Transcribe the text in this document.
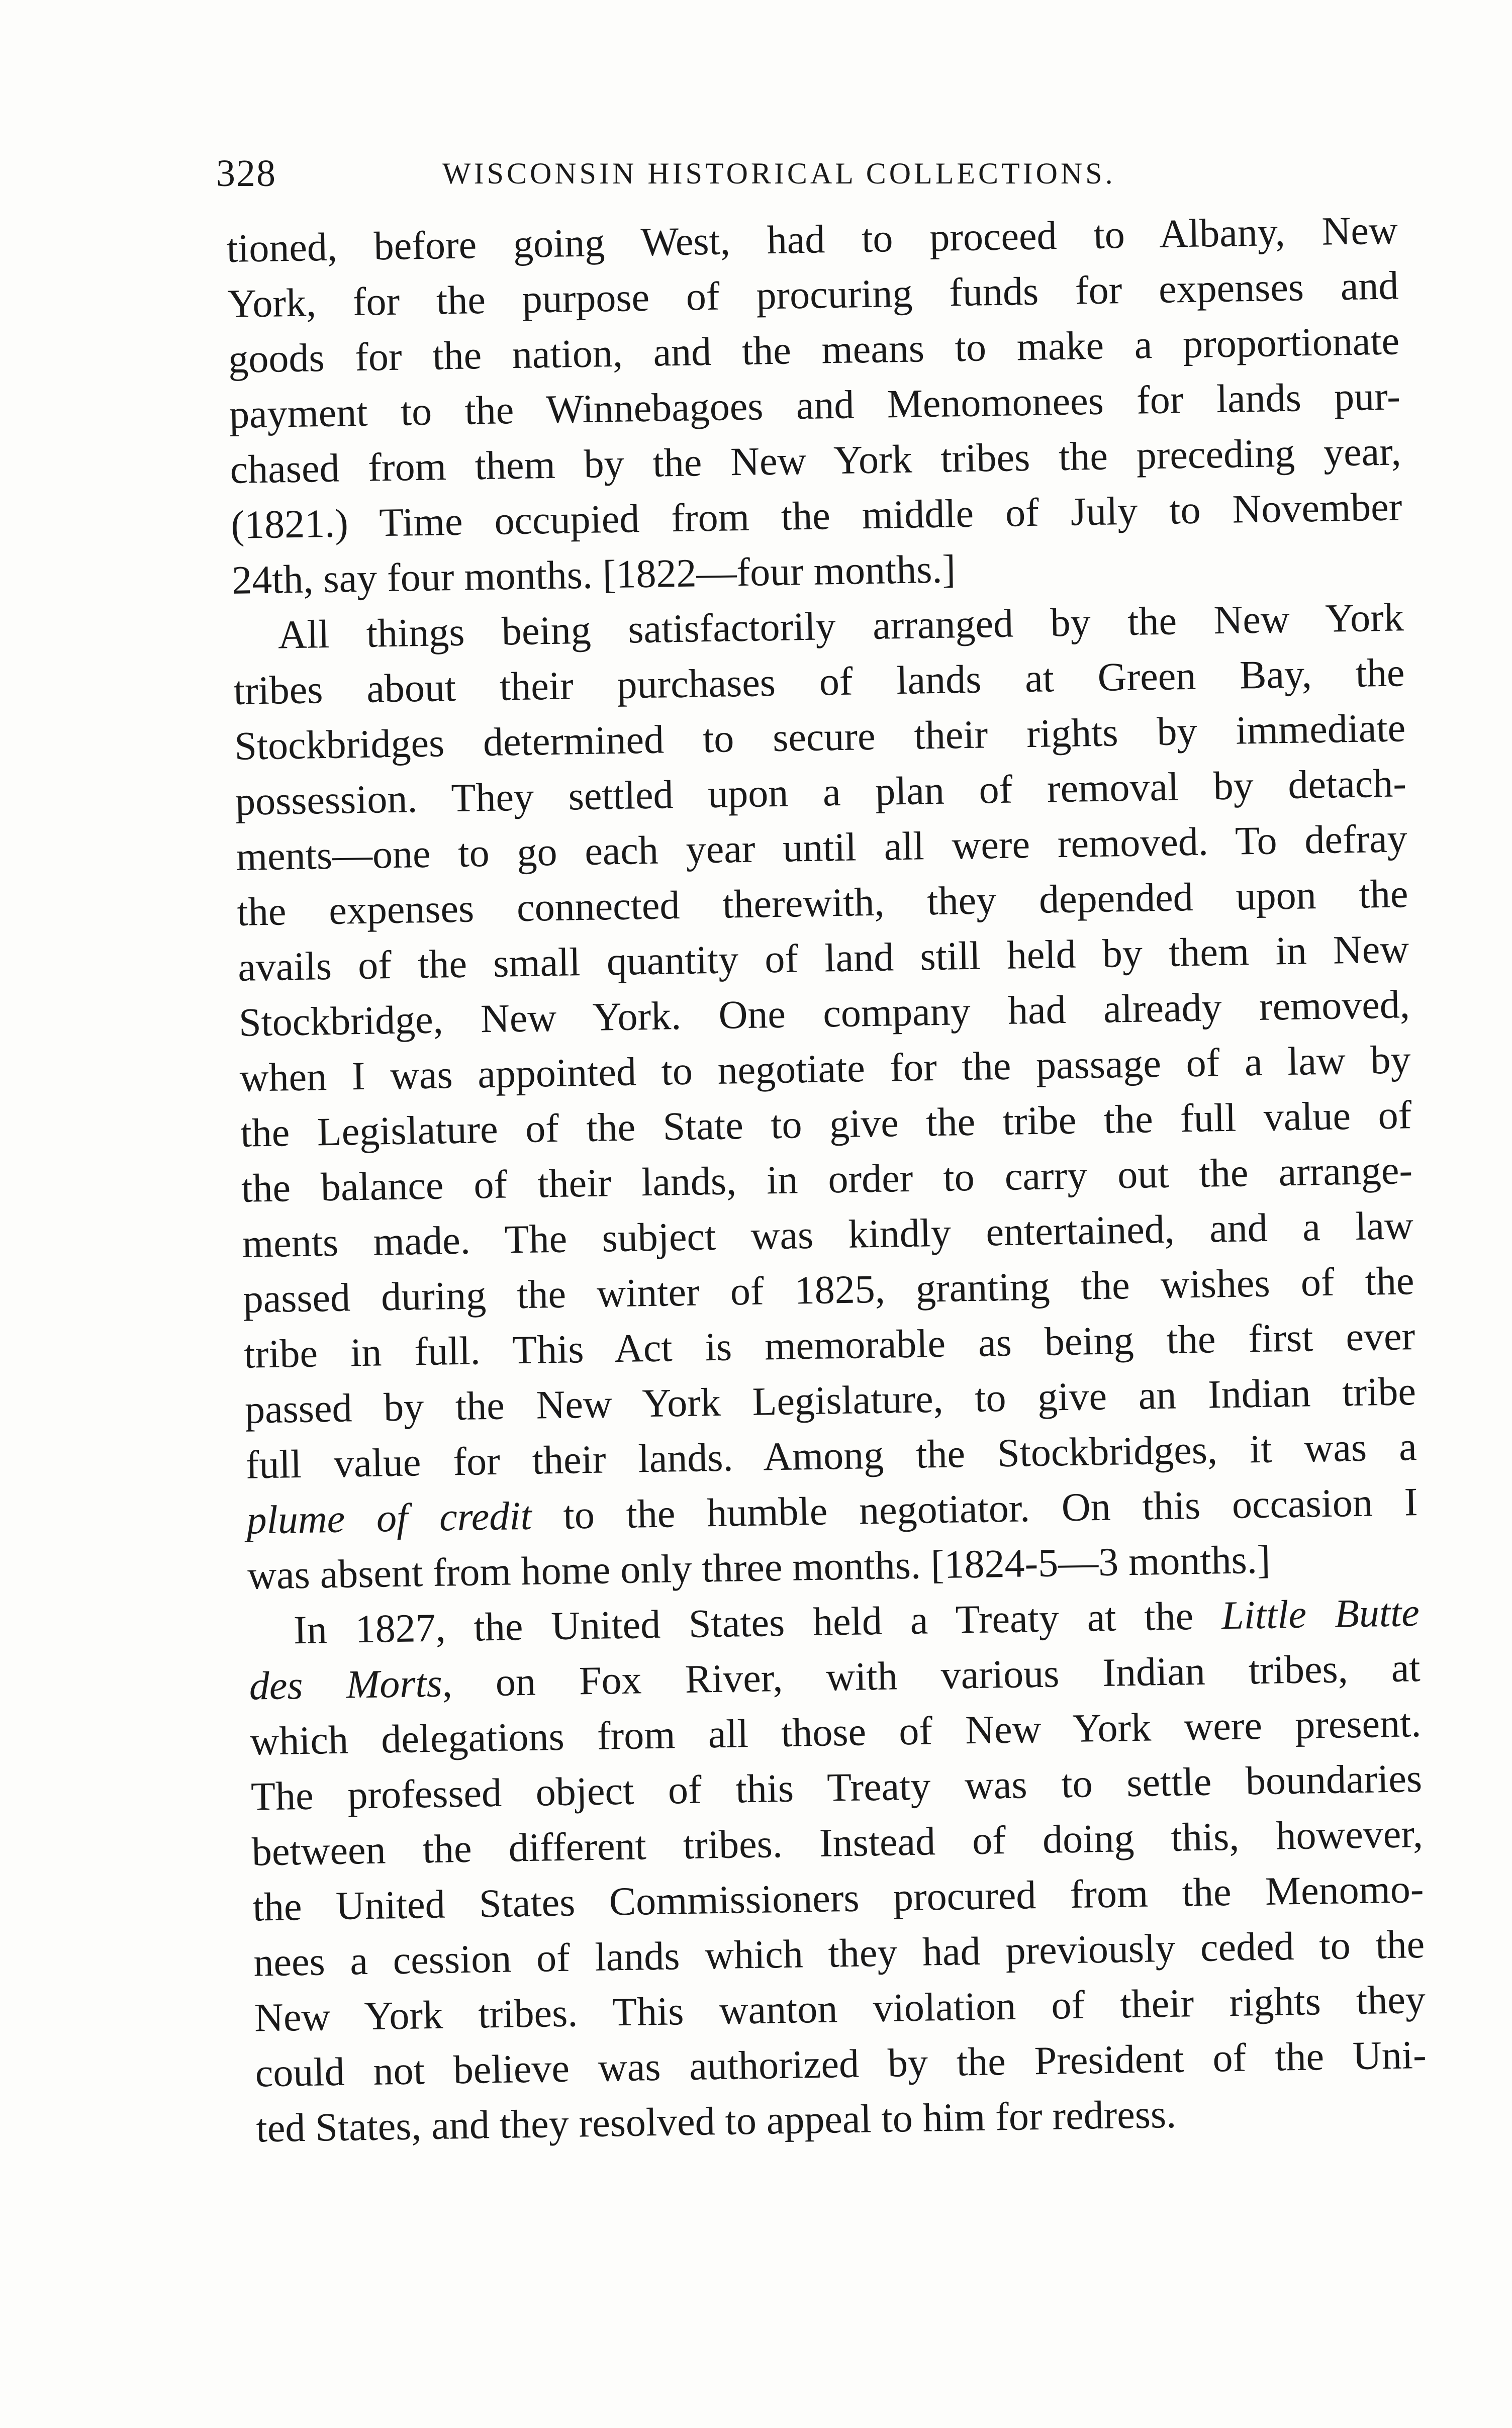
328	WISCONSIN HISTORICAL COLLECTIONS.
tioned, before going West, had to proceed to Albany, New
York, for the purpose of procuring funds for expenses and
goods for the nation, and the means to make a proportionate
payment to the Winnebagoes and Menomonees for lands pur-
chased from them by the New York tribes the preceding year,
(1821.) Time occupied from the middle of July to November
24th, say four months. [1822—four months.]
All things being satisfactorily arranged by the New York
tribes about their purchases of lands at Green Bay, the
Stockbridges determined to secure their rights by immediate
possession. They settled upon a plan of removal by detach-
ments—one to go each year until all were removed. To defray
the expenses connected therewith, they depended upon the
avails of the small quantity of land still held by them in New
Stockbridge, New York. One company had already removed,
when I was appointed to negotiate for the passage of a law by
the Legislature of the State to give the tribe the full value of
the balance of their lands, in order to carry out the arrange-
ments made. The subject was kindly entertained, and a law
passed during the winter of 1825, granting the wishes of the
tribe in full. This Act is memorable as being the first ever
passed by the New York Legislature, to give an Indian tribe
full value for their lands. Among the Stockbridges, it was a
plume of credit to the humble negotiator. On this occasion I
was absent from home only three months. [1824-5—3 months.]
In 1827, the United States held a Treaty at the Little Butte
des Morts, on Fox River, with various Indian tribes, at
which delegations from all those of New York were present.
The professed object of this Treaty was to settle boundaries
between the different tribes. Instead of doing this, however,
the United States Commissioners procured from the Menomo-
nees a cession of lands which they had previously ceded to the
New York tribes. This wanton violation of their rights they
could not believe was authorized by the President of the Uni-
ted States, and they resolved to appeal to him for redress.
